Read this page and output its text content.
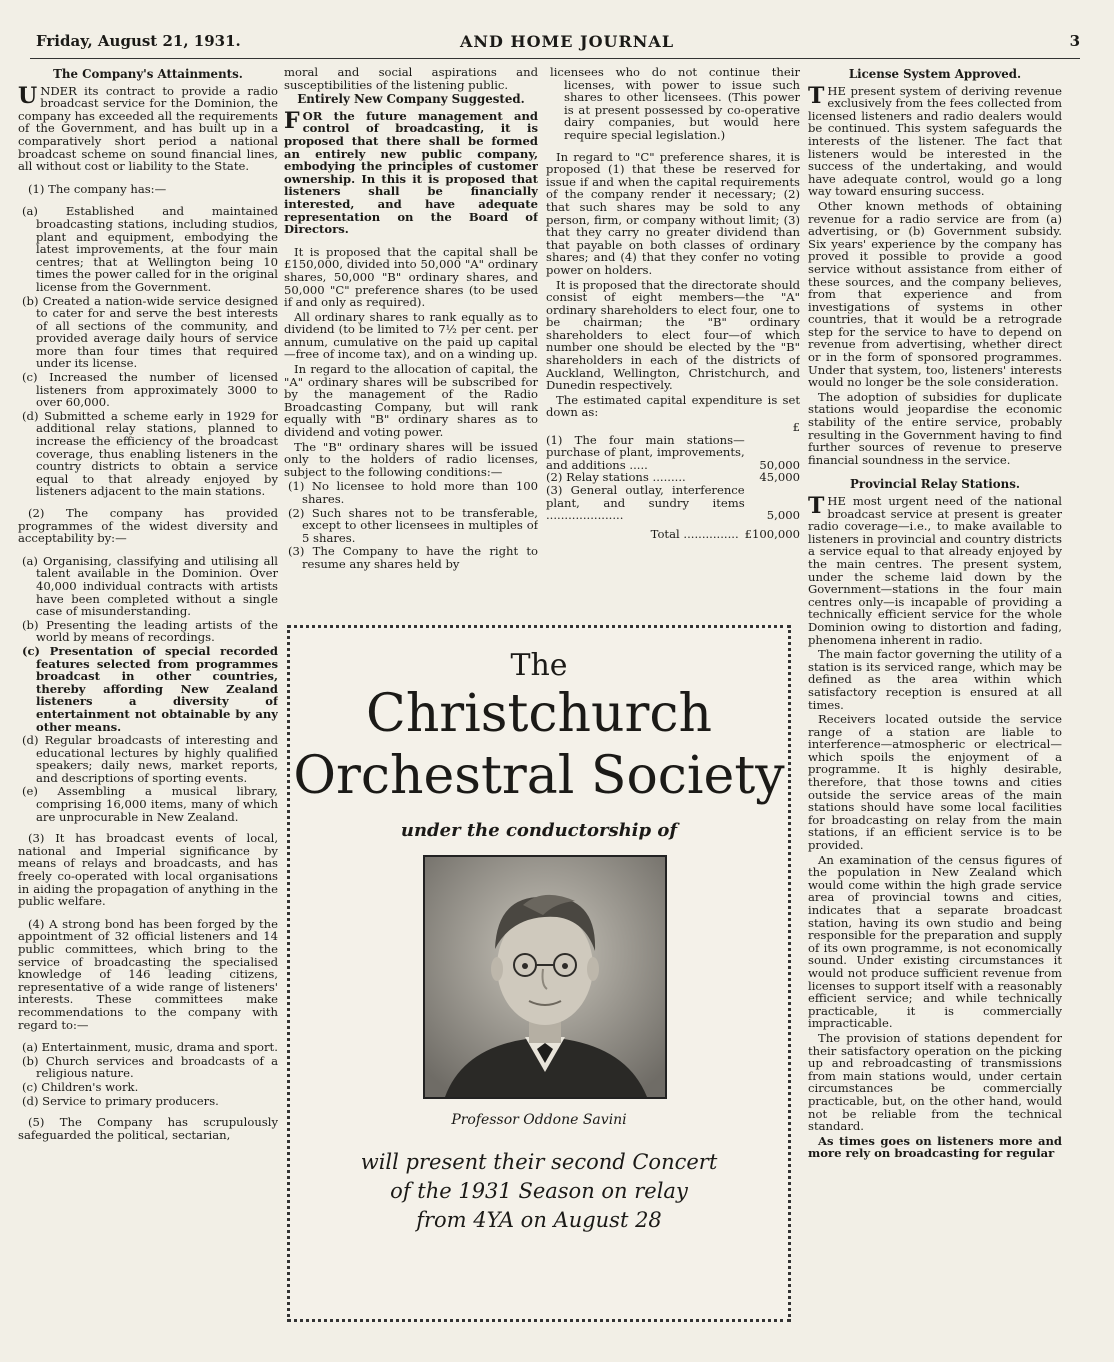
Friday, August 21, 1931.	AND HOME JOURNAL	3
The Company's Attainments.

UNDER its contract to provide a radio broadcast service for the Dominion, the company has exceeded all the requirements of the Government, and has built up in a comparatively short period a national broadcast scheme on sound financial lines, all without cost or liability to the State.

(1) The company has:—

(a) Established and maintained broadcasting stations, including studios, plant and equipment, embodying the latest improvements, at the four main centres; that at Wellington being 10 times the power called for in the original license from the Government.

(b) Created a nation-wide service designed to cater for and serve the best interests of all sections of the community, and provided average daily hours of service more than four times that required under its license.

(c) Increased the number of licensed listeners from approximately 3000 to over 60,000.

(d) Submitted a scheme early in 1929 for additional relay stations, planned to increase the efficiency of the broadcast coverage, thus enabling listeners in the country districts to obtain a service equal to that already enjoyed by listeners adjacent to the main stations.

(2) The company has provided programmes of the widest diversity and acceptability by:—

(a) Organising, classifying and utilising all talent available in the Dominion. Over 40,000 individual contracts with artists have been completed without a single case of misunderstanding.

(b) Presenting the leading artists of the world by means of recordings.

(c) Presentation of special recorded features selected from programmes broadcast in other countries, thereby affording New Zealand listeners a diversity of entertainment not obtainable by any other means.

(d) Regular broadcasts of interesting and educational lectures by highly qualified speakers; daily news, market reports, and descriptions of sporting events.

(e) Assembling a musical library, comprising 16,000 items, many of which are unprocurable in New Zealand.

(3) It has broadcast events of local, national and Imperial significance by means of relays and broadcasts, and has freely co-operated with local organisations in aiding the propagation of anything in the public welfare.

(4) A strong bond has been forged by the appointment of 32 official listeners and 14 public committees, which bring to the service of broadcasting the specialised knowledge of 146 leading citizens, representative of a wide range of listeners' interests. These committees make recommendations to the company with regard to:—

(a) Entertainment, music, drama and sport.

(b) Church services and broadcasts of a religious nature.

(c) Children's work.

(d) Service to primary producers.

(5) The Company has scrupulously safeguarded the political, sectarian,

moral and social aspirations and susceptibilities of the listening public.

Entirely New Company Suggested.

FOR the future management and control of broadcasting, it is proposed that there shall be formed an entirely new public company, embodying the principles of customer ownership. In this it is proposed that listeners shall be financially interested, and have adequate representation on the Board of Directors.

It is proposed that the capital shall be £150,000, divided into 50,000 "A" ordinary shares, 50,000 "B" ordinary shares, and 50,000 "C" preference shares (to be used if and only as required).

All ordinary shares to rank equally as to dividend (to be limited to 7½ per cent. per annum, cumulative on the paid up capital—free of income tax), and on a winding up.

In regard to the allocation of capital, the "A" ordinary shares will be subscribed for by the management of the Radio Broadcasting Company, but will rank equally with "B" ordinary shares as to dividend and voting power.

The "B" ordinary shares will be issued only to the holders of radio licenses, subject to the following conditions:—

(1) No licensee to hold more than 100 shares.

(2) Such shares not to be transferable, except to other licensees in multiples of 5 shares.

(3) The Company to have the right to resume any shares held by

licensees who do not continue their licenses, with power to issue such shares to other licensees. (This power is at present possessed by co-operative dairy companies, but would here require special legislation.)

In regard to "C" preference shares, it is proposed (1) that these be reserved for issue if and when the capital requirements of the company render it necessary; (2) that such shares may be sold to any person, firm, or company without limit; (3) that they carry no greater dividend than that payable on both classes of ordinary shares; and (4) that they confer no voting power on holders.

It is proposed that the directorate should consist of eight members—the "A" ordinary shareholders to elect four, one to be chairman; the "B" ordinary shareholders to elect four—of which number one should be elected by the "B" shareholders in each of the districts of Auckland, Wellington, Christchurch, and Dunedin respectively.

The estimated capital expenditure is set down as:

	£
(1) The four main stations—purchase of plant, improvements, and additions .....	50,000
(2) Relay stations .........	45,000
(3) General outlay, interference plant, and sundry items .....................	5,000
Total ...............	£100,000
License System Approved.

THE present system of deriving revenue exclusively from the fees collected from licensed listeners and radio dealers would be continued. This system safeguards the interests of the listener. The fact that listeners would be interested in the success of the undertaking, and would have adequate control, would go a long way toward ensuring success.

Other known methods of obtaining revenue for a radio service are from (a) advertising, or (b) Government subsidy. Six years' experience by the company has proved it possible to provide a good service without assistance from either of these sources, and the company believes, from that experience and from investigations of systems in other countries, that it would be a retrograde step for the service to have to depend on revenue from advertising, whether direct or in the form of sponsored programmes. Under that system, too, listeners' interests would no longer be the sole consideration.

The adoption of subsidies for duplicate stations would jeopardise the economic stability of the entire service, probably resulting in the Government having to find further sources of revenue to preserve financial soundness in the service.

Provincial Relay Stations.

THE most urgent need of the national broadcast service at present is greater radio coverage—i.e., to make available to listeners in provincial and country districts a service equal to that already enjoyed by the main centres. The present system, under the scheme laid down by the Government—stations in the four main centres only—is incapable of providing a technically efficient service for the whole Dominion owing to distortion and fading, phenomena inherent in radio.

The main factor governing the utility of a station is its serviced range, which may be defined as the area within which satisfactory reception is ensured at all times.

Receivers located outside the service range of a station are liable to interference—atmospheric or electrical—which spoils the enjoyment of a programme. It is highly desirable, therefore, that those towns and cities outside the service areas of the main stations should have some local facilities for broadcasting on relay from the main stations, if an efficient service is to be provided.

An examination of the census figures of the population in New Zealand which would come within the high grade service area of provincial towns and cities, indicates that a separate broadcast station, having its own studio and being responsible for the preparation and supply of its own programme, is not economically sound. Under existing circumstances it would not produce sufficient revenue from licenses to support itself with a reasonably efficient service; and while technically practicable, it is commercially impracticable.

The provision of stations dependent for their satisfactory operation on the picking up and rebroadcasting of transmissions from main stations would, under certain circumstances be commercially practicable, but, on the other hand, would not be reliable from the technical standard.

As times goes on listeners more and more rely on broadcasting for regular

The
Christchurch
Orchestral Society
under the conductorship of
Professor Oddone Savini
will present their second Concert
of the 1931 Season on relay
from 4YA on August 28
